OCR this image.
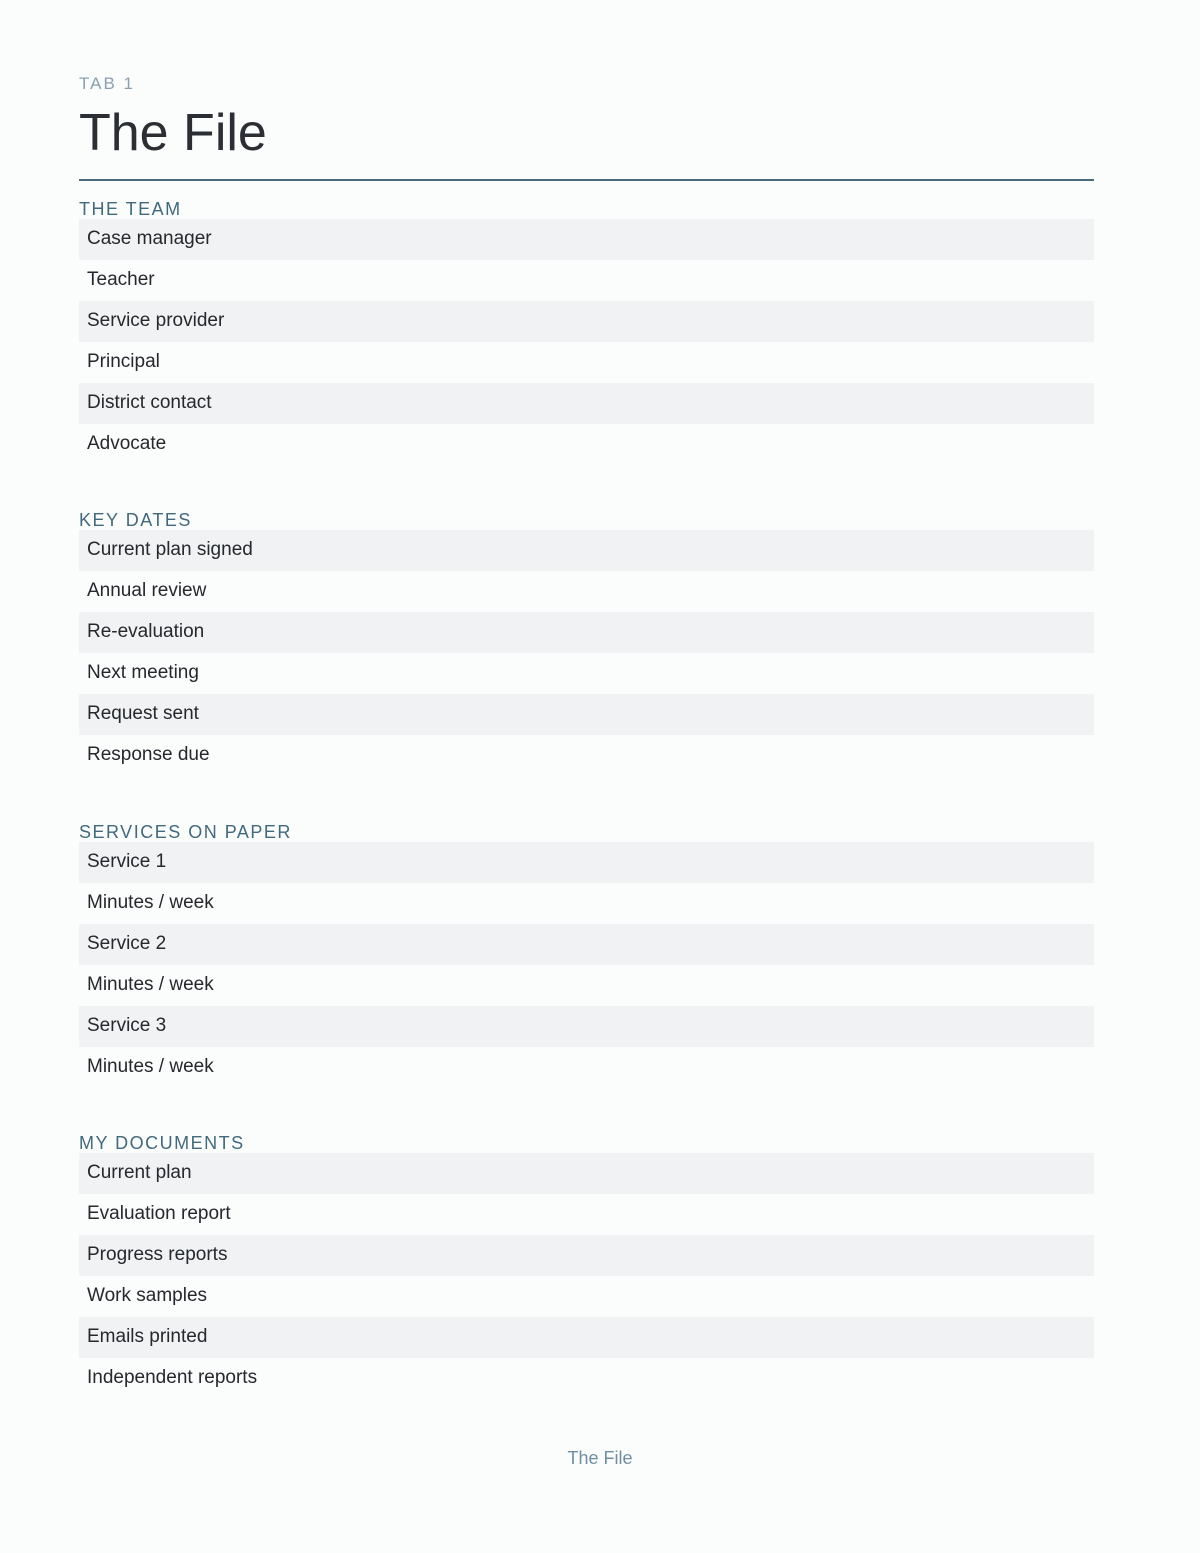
TAB 1
The File
THE TEAM
Case manager
Teacher
Service provider
Principal
District contact
Advocate
KEY DATES
Current plan signed
Annual review
Re-evaluation
Next meeting
Request sent
Response due
SERVICES ON PAPER
Service 1
Minutes / week
Service 2
Minutes / week
Service 3
Minutes / week
MY DOCUMENTS
Current plan
Evaluation report
Progress reports
Work samples
Emails printed
Independent reports
The File
